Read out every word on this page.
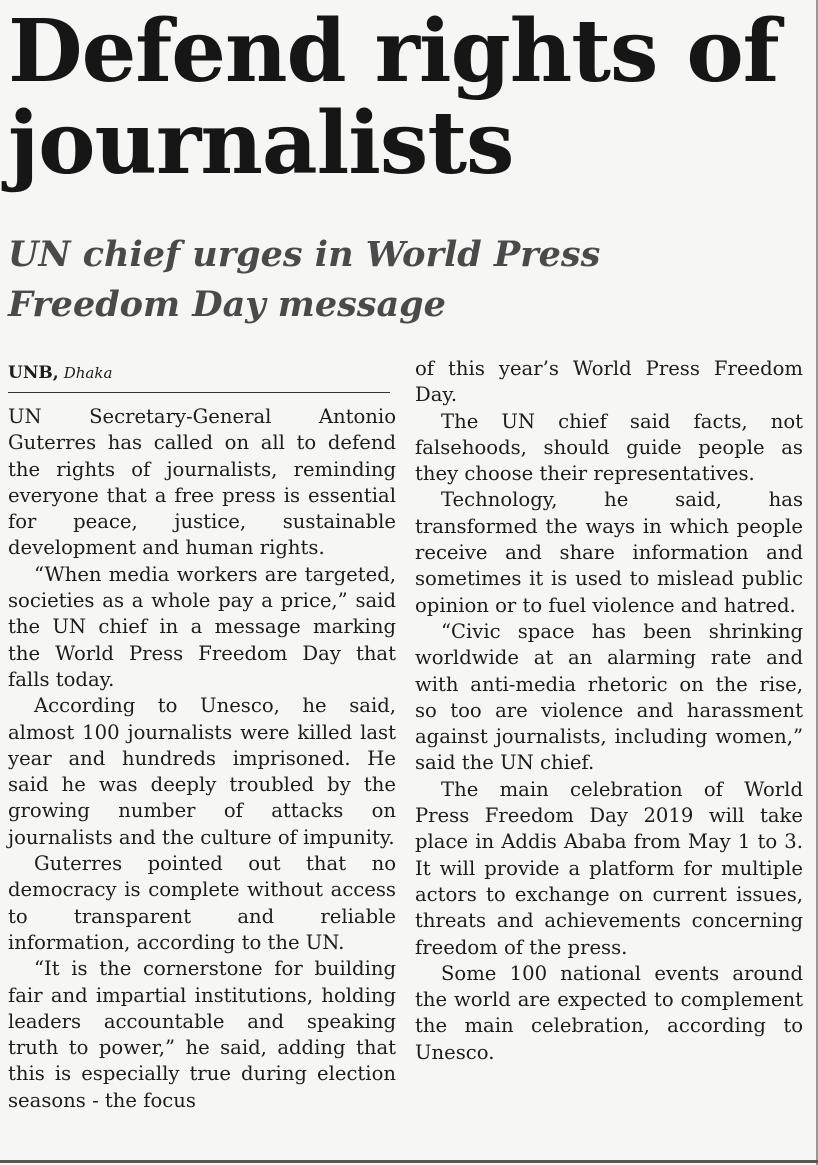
Defend rights of journalists
UN chief urges in World Press Freedom Day message
UNB, Dhaka

UN Secretary-General Antonio Guterres has called on all to defend the rights of journalists, reminding everyone that a free press is essential for peace, justice, sustainable development and human rights.

“When media workers are targeted, societies as a whole pay a price,” said the UN chief in a message marking the World Press Freedom Day that falls today.

According to Unesco, he said, almost 100 journalists were killed last year and hundreds imprisoned. He said he was deeply troubled by the growing number of attacks on journalists and the culture of impunity.

Guterres pointed out that no democracy is complete without access to transparent and reliable information, according to the UN.

“It is the cornerstone for building fair and impartial institutions, holding leaders accountable and speaking truth to power,” he said, adding that this is especially true during election seasons - the focus

of this year’s World Press Freedom Day.

The UN chief said facts, not falsehoods, should guide people as they choose their representatives.

Technology, he said, has transformed the ways in which people receive and share information and sometimes it is used to mislead public opinion or to fuel violence and hatred.

“Civic space has been shrinking worldwide at an alarming rate and with anti-media rhetoric on the rise, so too are violence and harassment against journalists, including women,” said the UN chief.

The main celebration of World Press Freedom Day 2019 will take place in Addis Ababa from May 1 to 3. It will provide a platform for multiple actors to exchange on current issues, threats and achievements concerning freedom of the press.

Some 100 national events around the world are expected to complement the main celebration, according to Unesco.
